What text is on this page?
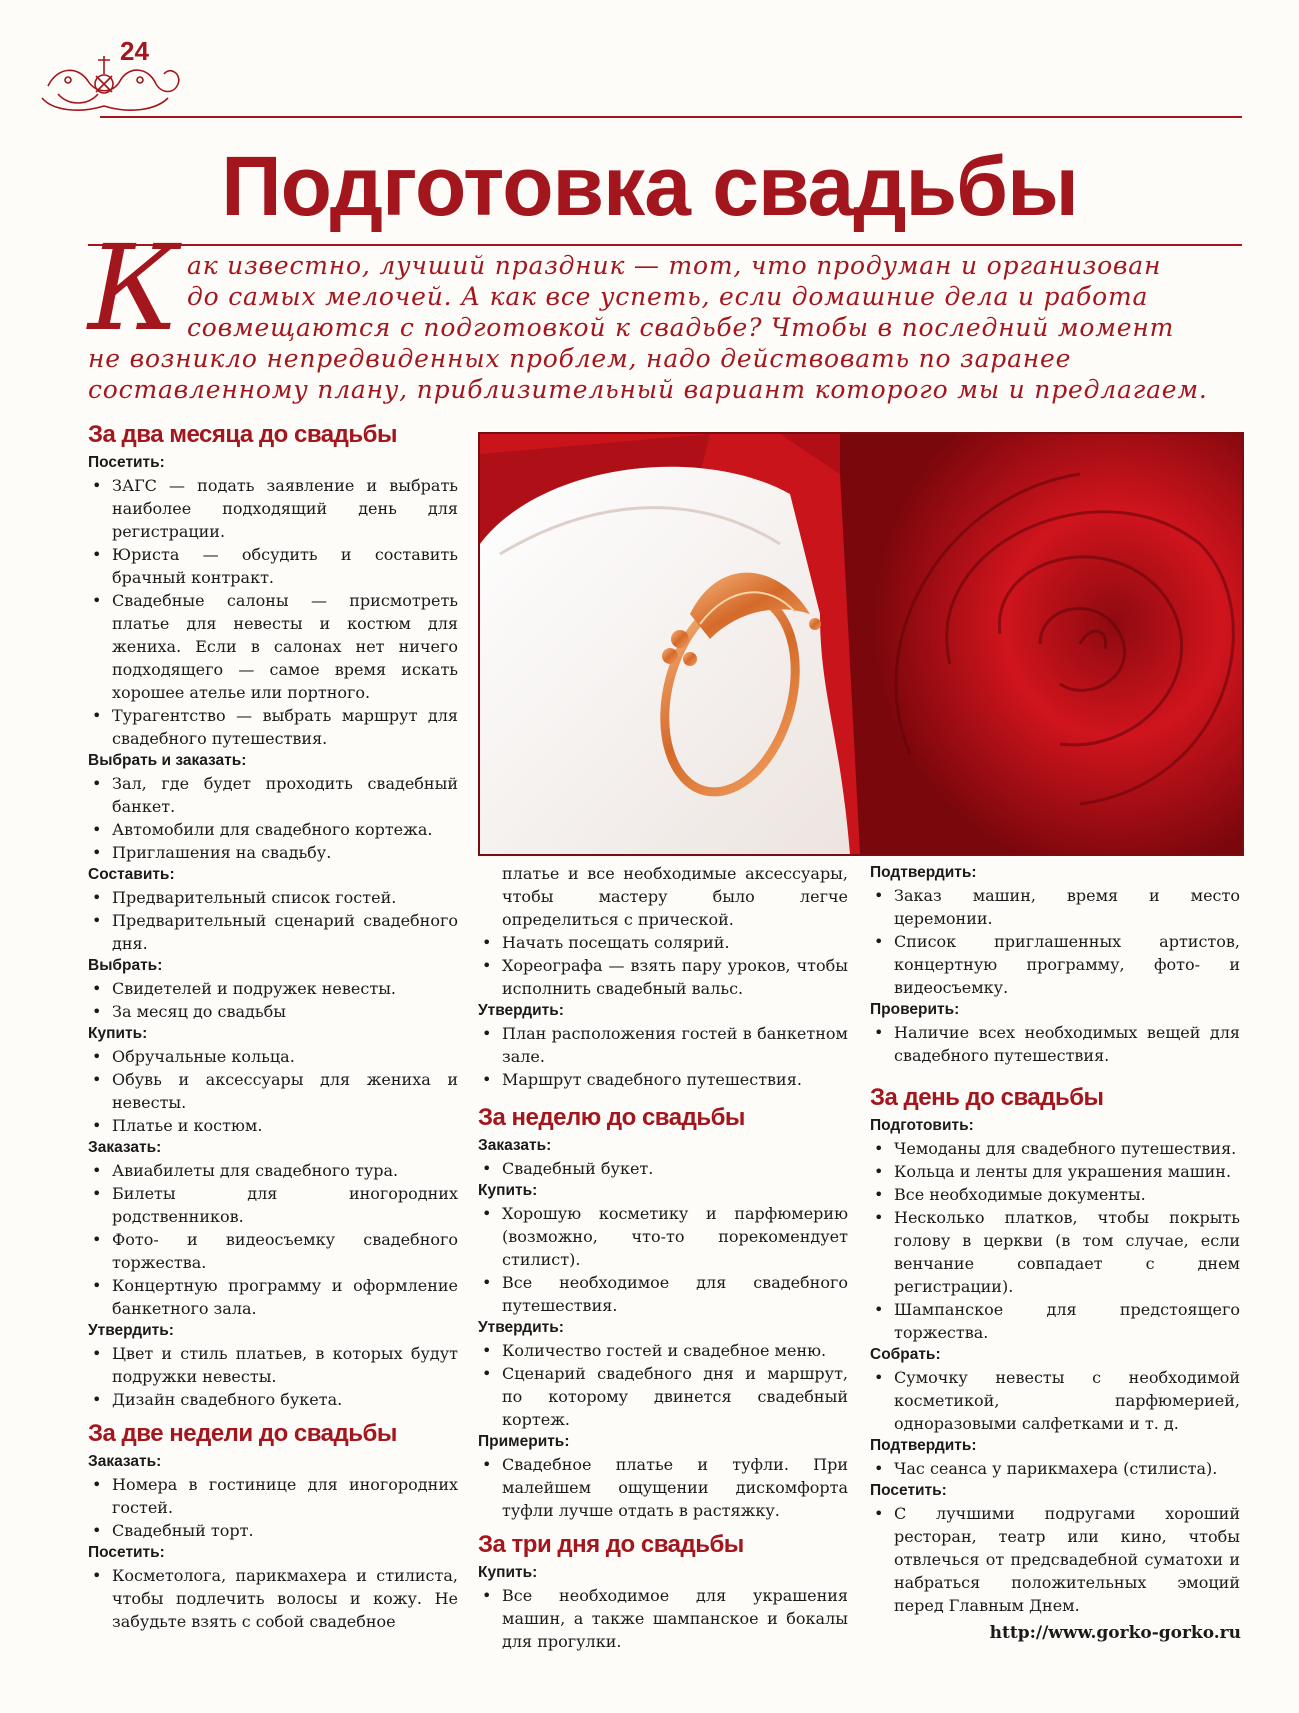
24
Подготовка свадьбы
К ак известно, лучший праздник — тот, что продуман и организован
до самых мелочей. А как все успеть, если домашние дела и работа
совмещаются с подготовкой к свадьбе? Чтобы в последний момент
не возникло непредвиденных проблем, надо действовать по заранее
составленному плану, приблизительный вариант которого мы и предлагаем.
За два месяца до свадьбы
Посетить:
• ЗАГС — подать заявление и выбрать наиболее подходящий день для регистрации.
• Юриста — обсудить и составить брачный контракт.
• Свадебные салоны — присмотреть платье для невесты и костюм для жениха. Если в салонах нет ничего подходящего — самое время искать хорошее ателье или портного.
• Турагентство — выбрать маршрут для свадебного путешествия.
Выбрать и заказать:
• Зал, где будет проходить свадебный банкет.
• Автомобили для свадебного кортежа.
• Приглашения на свадьбу.
Составить:
• Предварительный список гостей.
• Предварительный сценарий свадебного дня.
Выбрать:
• Свидетелей и подружек невесты.
• За месяц до свадьбы
Купить:
• Обручальные кольца.
• Обувь и аксессуары для жениха и невесты.
• Платье и костюм.
Заказать:
• Авиабилеты для свадебного тура.
• Билеты для иногородних родственников.
• Фото- и видеосъемку свадебного торжества.
• Концертную программу и оформление банкетного зала.
Утвердить:
• Цвет и стиль платьев, в которых будут подружки невесты.
• Дизайн свадебного букета.
За две недели до свадьбы
Заказать:
• Номера в гостинице для иногородних гостей.
• Свадебный торт.
Посетить:
• Косметолога, парикмахера и стилиста, чтобы подлечить волосы и кожу. Не забудьте взять с собой свадебное

платье и все необходимые аксессуары, чтобы мастеру было легче определиться с прической.

• Начать посещать солярий.
• Хореографа — взять пару уроков, чтобы исполнить свадебный вальс.
Утвердить:
• План расположения гостей в банкетном зале.
• Маршрут свадебного путешествия.
За неделю до свадьбы
Заказать:
• Свадебный букет.
Купить:
• Хорошую косметику и парфюмерию (возможно, что-то порекомендует стилист).
• Все необходимое для свадебного путешествия.
Утвердить:
• Количество гостей и свадебное меню.
• Сценарий свадебного дня и маршрут, по которому двинется свадебный кортеж.
Примерить:
• Свадебное платье и туфли. При малейшем ощущении дискомфорта туфли лучше отдать в растяжку.
За три дня до свадьбы
Купить:
• Все необходимое для украшения машин, а также шампанское и бокалы для прогулки.
Подтвердить:
• Заказ машин, время и место церемонии.
• Список приглашенных артистов, концертную программу, фото- и видеосъемку.
Проверить:
• Наличие всех необходимых вещей для свадебного путешествия.
За день до свадьбы
Подготовить:
• Чемоданы для свадебного путешествия.
• Кольца и ленты для украшения машин.
• Все необходимые документы.
• Несколько платков, чтобы покрыть голову в церкви (в том случае, если венчание совпадает с днем регистрации).
• Шампанское для предстоящего торжества.
Собрать:
• Сумочку невесты с необходимой косметикой, парфюмерией, одноразовыми салфетками и т. д.
Подтвердить:
• Час сеанса у парикмахера (стилиста).
Посетить:
• С лучшими подругами хороший ресторан, театр или кино, чтобы отвлечься от предсвадебной суматохи и набраться положительных эмоций перед Главным Днем.
http://www.gorko-gorko.ru
